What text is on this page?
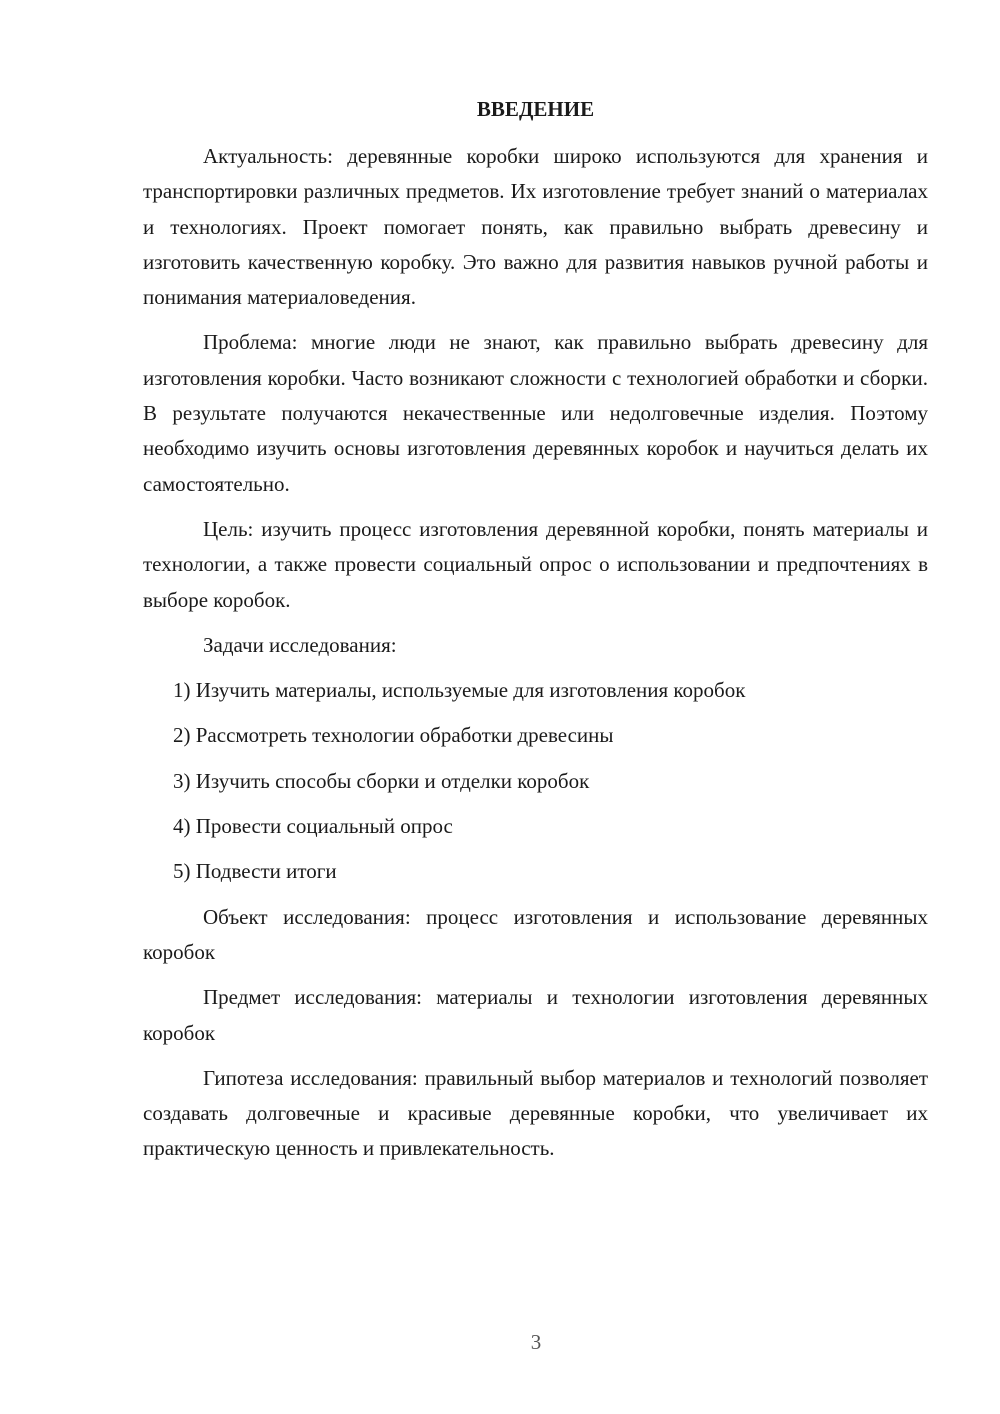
ВВЕДЕНИЕ

Актуальность: деревянные коробки широко используются для хранения и транспортировки различных предметов. Их изготовление требует знаний о материалах и технологиях. Проект помогает понять, как правильно выбрать древесину и изготовить качественную коробку. Это важно для развития навыков ручной работы и понимания материаловедения.

Проблема: многие люди не знают, как правильно выбрать древесину для изготовления коробки. Часто возникают сложности с технологией обработки и сборки. В результате получаются некачественные или недолговечные изделия. Поэтому необходимо изучить основы изготовления деревянных коробок и научиться делать их самостоятельно.

Цель: изучить процесс изготовления деревянной коробки, понять материалы и технологии, а также провести социальный опрос о использовании и предпочтениях в выборе коробок.

Задачи исследования:

1) Изучить материалы, используемые для изготовления коробок
2) Рассмотреть технологии обработки древесины
3) Изучить способы сборки и отделки коробок
4) Провести социальный опрос
5) Подвести итоги

Объект исследования: процесс изготовления и использование деревянных коробок

Предмет исследования: материалы и технологии изготовления деревянных коробок

Гипотеза исследования: правильный выбор материалов и технологий позволяет создавать долговечные и красивые деревянные коробки, что увеличивает их практическую ценность и привлекательность.

3
